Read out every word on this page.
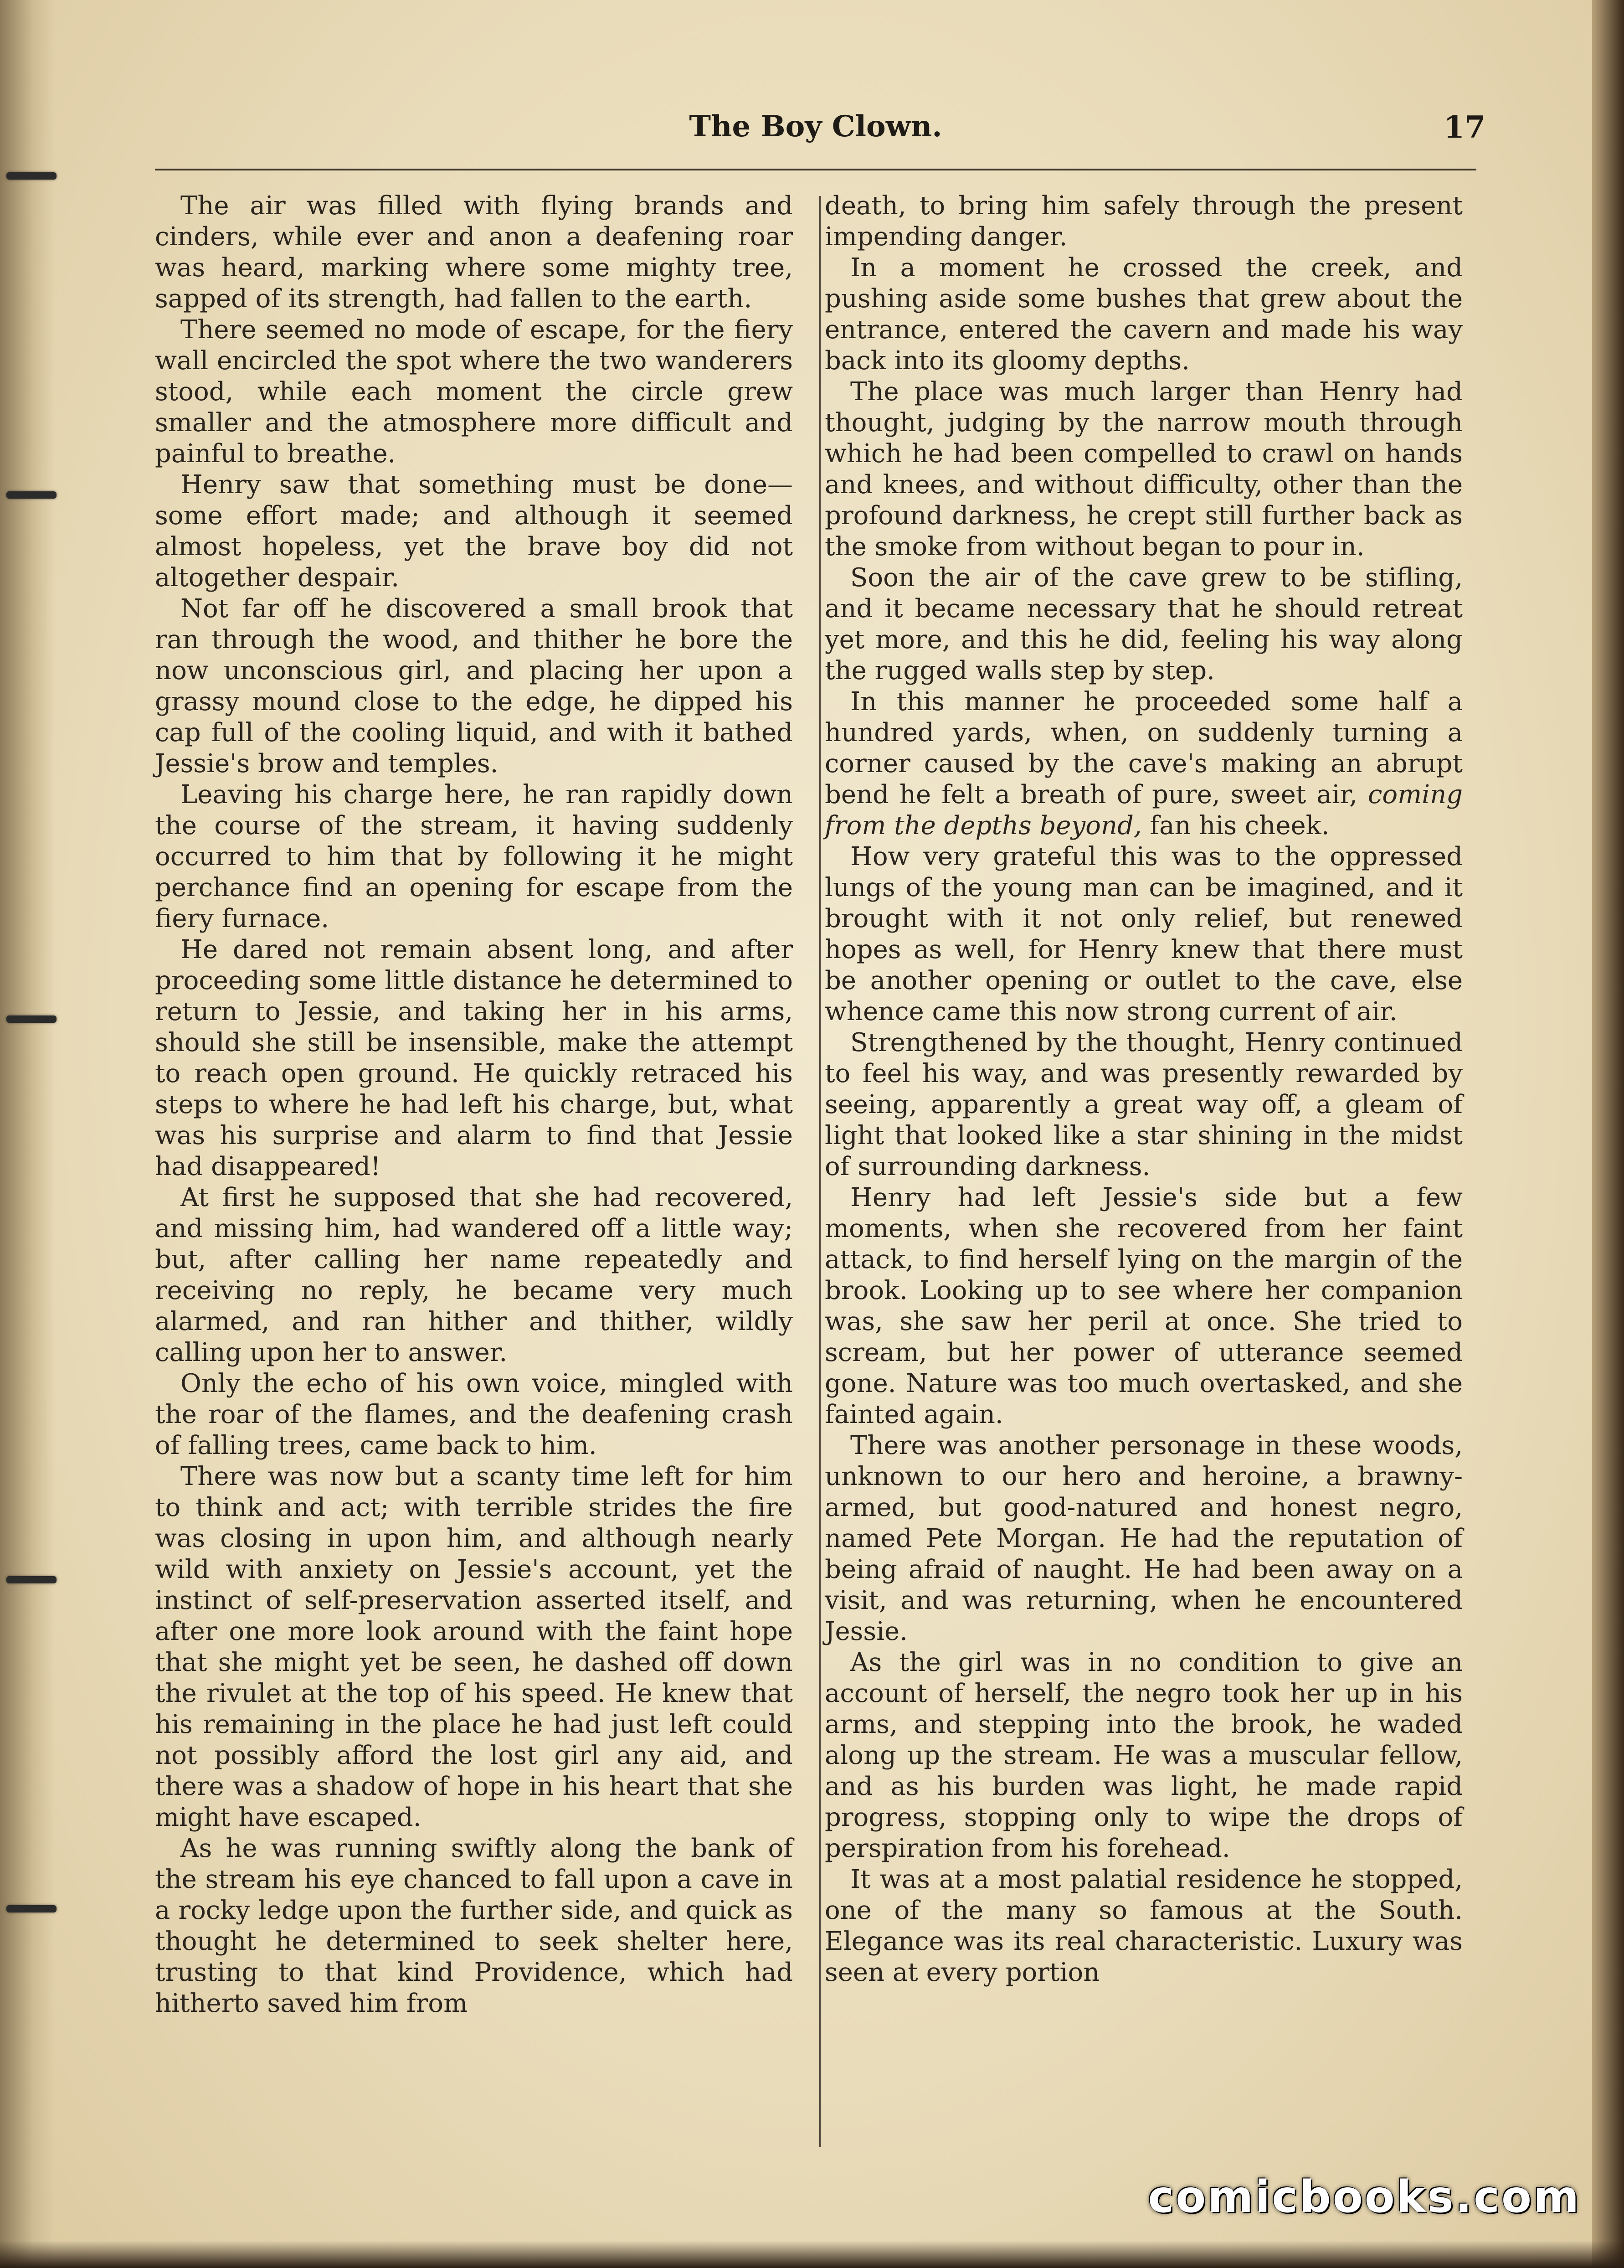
The Boy Clown.	17

The air was filled with flying brands and cinders, while ever and anon a deafening roar was heard, marking where some mighty tree, sapped of its strength, had fallen to the earth.

There seemed no mode of escape, for the fiery wall encircled the spot where the two wanderers stood, while each moment the circle grew smaller and the atmosphere more difficult and painful to breathe.

Henry saw that something must be done— some effort made; and although it seemed almost hopeless, yet the brave boy did not altogether despair.

Not far off he discovered a small brook that ran through the wood, and thither he bore the now unconscious girl, and placing her upon a grassy mound close to the edge, he dipped his cap full of the cooling liquid, and with it bathed Jessie's brow and temples.

Leaving his charge here, he ran rapidly down the course of the stream, it having suddenly occurred to him that by following it he might perchance find an opening for escape from the fiery furnace.

He dared not remain absent long, and after proceeding some little distance he determined to return to Jessie, and taking her in his arms, should she still be insensible, make the attempt to reach open ground. He quickly retraced his steps to where he had left his charge, but, what was his surprise and alarm to find that Jessie had disappeared!

At first he supposed that she had recovered, and missing him, had wandered off a little way; but, after calling her name repeatedly and receiving no reply, he became very much alarmed, and ran hither and thither, wildly calling upon her to answer.

Only the echo of his own voice, mingled with the roar of the flames, and the deafening crash of falling trees, came back to him.

There was now but a scanty time left for him to think and act; with terrible strides the fire was closing in upon him, and although nearly wild with anxiety on Jessie's account, yet the instinct of self-preservation asserted itself, and after one more look around with the faint hope that she might yet be seen, he dashed off down the rivulet at the top of his speed. He knew that his remaining in the place he had just left could not possibly afford the lost girl any aid, and there was a shadow of hope in his heart that she might have escaped.

As he was running swiftly along the bank of the stream his eye chanced to fall upon a cave in a rocky ledge upon the further side, and quick as thought he determined to seek shelter here, trusting to that kind Providence, which had hitherto saved him from

death, to bring him safely through the present impending danger.

In a moment he crossed the creek, and pushing aside some bushes that grew about the entrance, entered the cavern and made his way back into its gloomy depths.

The place was much larger than Henry had thought, judging by the narrow mouth through which he had been compelled to crawl on hands and knees, and without difficulty, other than the profound darkness, he crept still further back as the smoke from without began to pour in.

Soon the air of the cave grew to be stifling, and it became necessary that he should retreat yet more, and this he did, feeling his way along the rugged walls step by step.

In this manner he proceeded some half a hundred yards, when, on suddenly turning a corner caused by the cave's making an abrupt bend he felt a breath of pure, sweet air, coming from the depths beyond, fan his cheek.

How very grateful this was to the oppressed lungs of the young man can be imagined, and it brought with it not only relief, but renewed hopes as well, for Henry knew that there must be another opening or outlet to the cave, else whence came this now strong current of air.

Strengthened by the thought, Henry continued to feel his way, and was presently rewarded by seeing, apparently a great way off, a gleam of light that looked like a star shining in the midst of surrounding darkness.

Henry had left Jessie's side but a few moments, when she recovered from her faint attack, to find herself lying on the margin of the brook. Looking up to see where her companion was, she saw her peril at once. She tried to scream, but her power of utterance seemed gone. Nature was too much overtasked, and she fainted again.

There was another personage in these woods, unknown to our hero and heroine, a brawny-armed, but good-natured and honest negro, named Pete Morgan. He had the reputation of being afraid of naught. He had been away on a visit, and was returning, when he encountered Jessie.

As the girl was in no condition to give an account of herself, the negro took her up in his arms, and stepping into the brook, he waded along up the stream. He was a muscular fellow, and as his burden was light, he made rapid progress, stopping only to wipe the drops of perspiration from his forehead.

It was at a most palatial residence he stopped, one of the many so famous at the South. Elegance was its real characteristic. Luxury was seen at every portion

comicbooks.com
